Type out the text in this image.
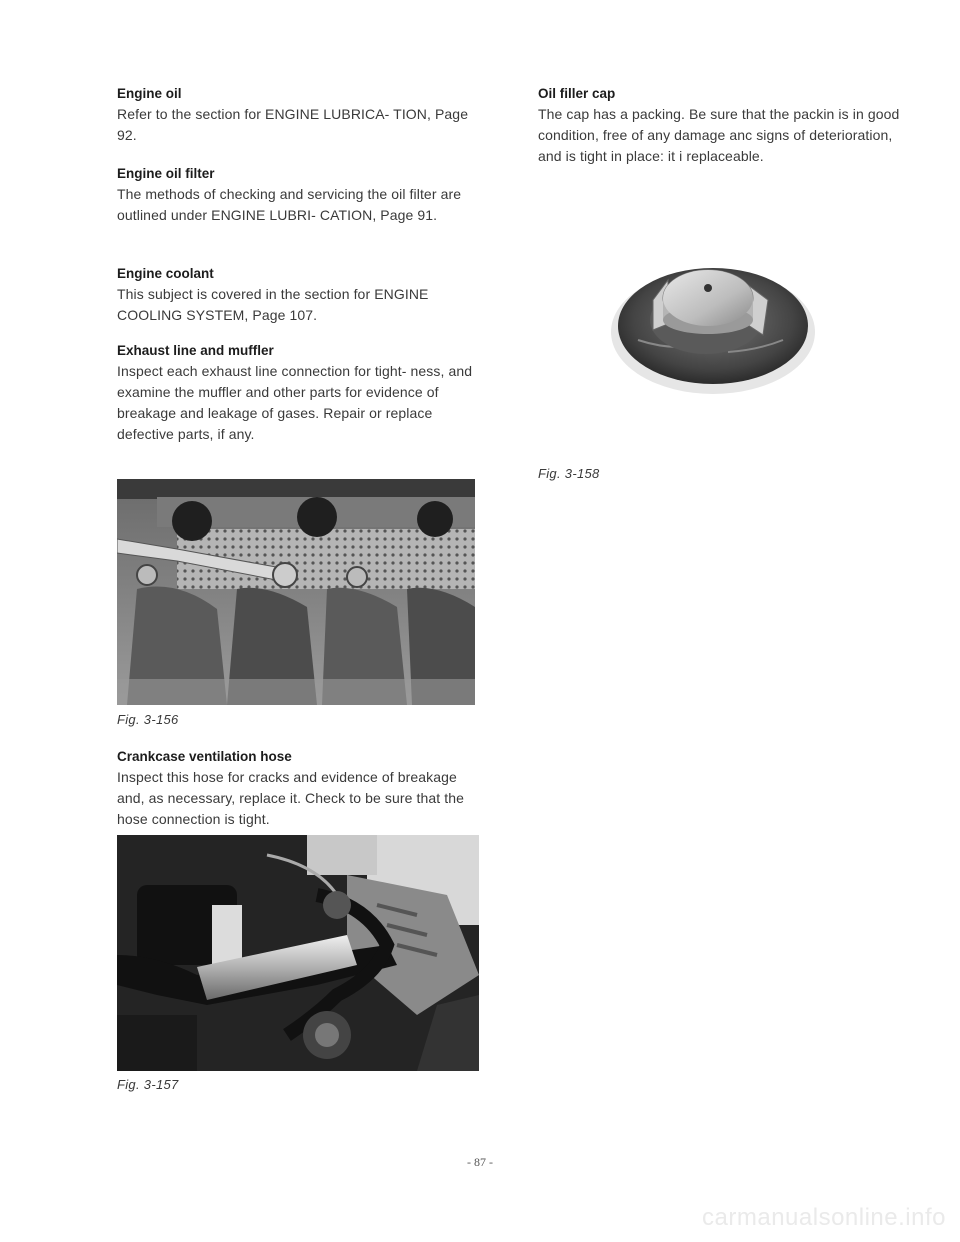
Engine oil

Refer to the section for ENGINE LUBRICA- TION, Page 92.

Engine oil filter

The methods of checking and servicing the oil filter are outlined under ENGINE LUBRI- CATION, Page 91.

Engine coolant

This subject is covered in the section for ENGINE COOLING SYSTEM, Page 107.

Exhaust line and muffler

Inspect each exhaust line connection for tight- ness, and examine the muffler and other parts for evidence of breakage and leakage of gases. Repair or replace defective parts, if any.

Fig. 3-156

Crankcase ventilation hose

Inspect this hose for cracks and evidence of breakage and, as necessary, replace it. Check to be sure that the hose connection is tight.

Fig. 3-157

Oil filler cap

The cap has a packing. Be sure that the packin is in good condition, free of any damage anc signs of deterioration, and is tight in place: it i replaceable.

Fig. 3-158
- 87 -
carmanualsonline.info
